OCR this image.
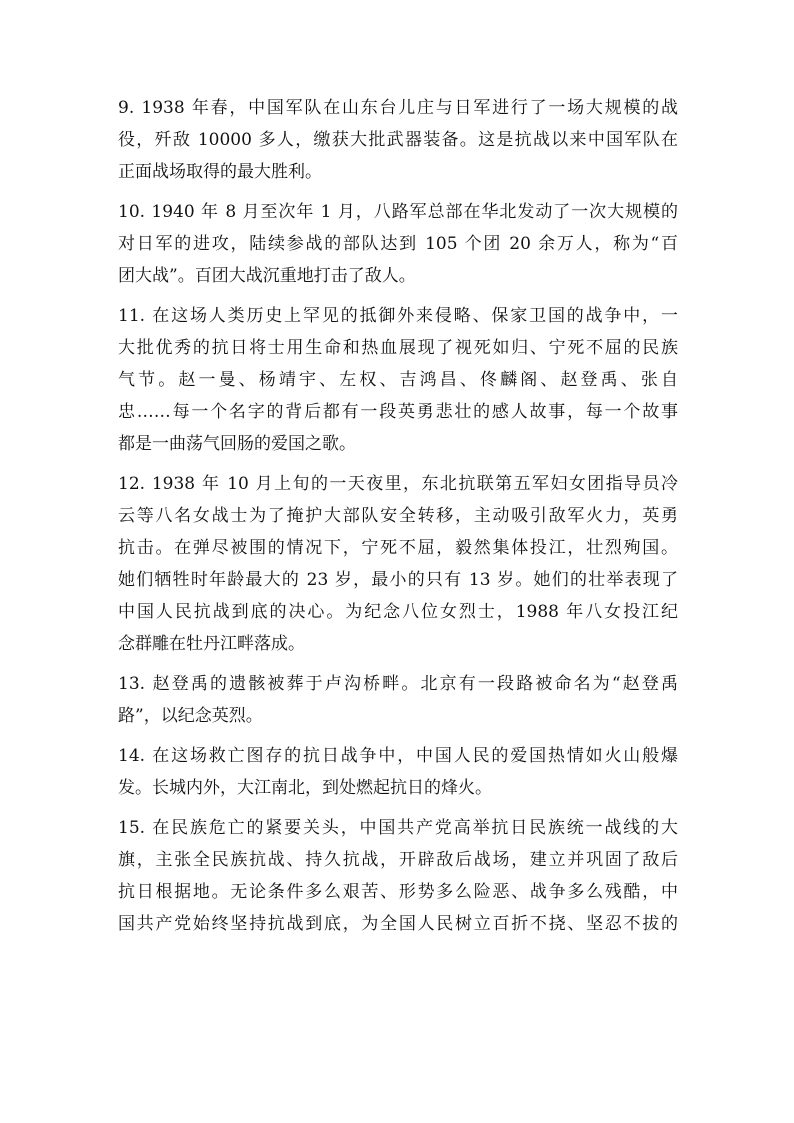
9. 1938 年春，中国军队在山东台儿庄与日军进行了一场大规模的战
役，歼敌 10000 多人，缴获大批武器装备。这是抗战以来中国军队在
正面战场取得的最大胜利。
10. 1940 年 8 月至次年 1 月，八路军总部在华北发动了一次大规模的
对日军的进攻，陆续参战的部队达到 105 个团 20 余万人，称为“百
团大战”。百团大战沉重地打击了敌人。
11. 在这场人类历史上罕见的抵御外来侵略、保家卫国的战争中，一
大批优秀的抗日将士用生命和热血展现了视死如归、宁死不屈的民族
气节。赵一曼、杨靖宇、左权、吉鸿昌、佟麟阁、赵登禹、张自
忠……每一个名字的背后都有一段英勇悲壮的感人故事，每一个故事
都是一曲荡气回肠的爱国之歌。
12. 1938 年 10 月上旬的一天夜里，东北抗联第五军妇女团指导员冷
云等八名女战士为了掩护大部队安全转移，主动吸引敌军火力，英勇
抗击。在弹尽被围的情况下，宁死不屈，毅然集体投江，壮烈殉国。
她们牺牲时年龄最大的 23 岁，最小的只有 13 岁。她们的壮举表现了
中国人民抗战到底的决心。为纪念八位女烈士，1988 年八女投江纪
念群雕在牡丹江畔落成。
13. 赵登禹的遗骸被葬于卢沟桥畔。北京有一段路被命名为“赵登禹
路”，以纪念英烈。
14. 在这场救亡图存的抗日战争中，中国人民的爱国热情如火山般爆
发。长城内外，大江南北，到处燃起抗日的烽火。
15. 在民族危亡的紧要关头，中国共产党高举抗日民族统一战线的大
旗，主张全民族抗战、持久抗战，开辟敌后战场，建立并巩固了敌后
抗日根据地。无论条件多么艰苦、形势多么险恶、战争多么残酷，中
国共产党始终坚持抗战到底，为全国人民树立百折不挠、坚忍不拔的
